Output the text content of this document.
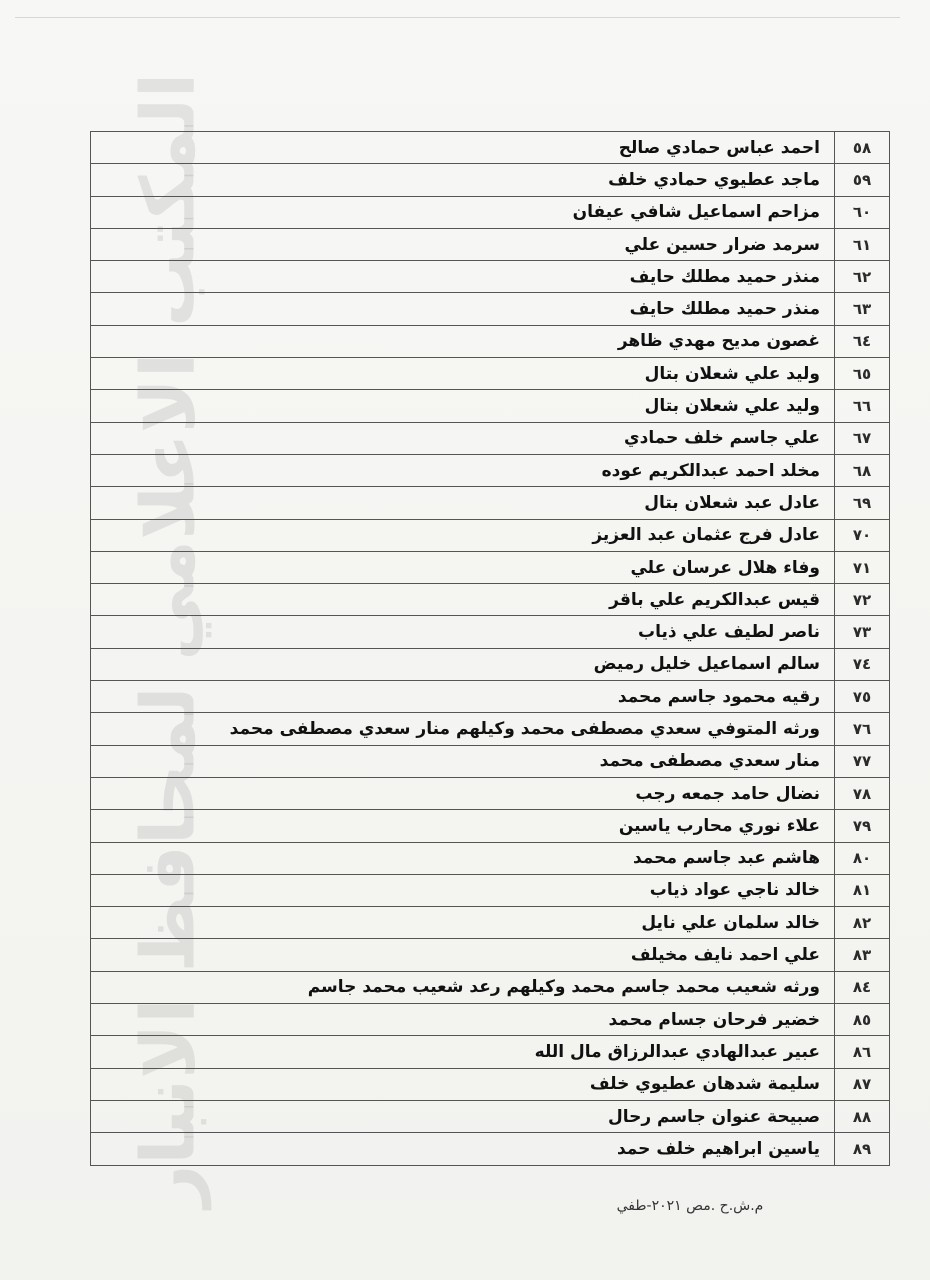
المكتب الاعلامي لمحافظ الانبار	٥٨	احمد عباس حمادي صالح
٥٩	ماجد عطيوي حمادي خلف
٦٠	مزاحم اسماعيل شافي عيفان
٦١	سرمد ضرار حسين علي
٦٢	منذر حميد مطلك حايف
٦٣	منذر حميد مطلك حايف
٦٤	غصون مديح مهدي ظاهر
٦٥	وليد علي شعلان بتال
٦٦	وليد علي شعلان بتال
٦٧	علي جاسم خلف حمادي
٦٨	مخلد احمد عبدالكريم عوده
٦٩	عادل عبد شعلان بتال
٧٠	عادل فرج عثمان عبد العزيز
٧١	وفاء هلال عرسان علي
٧٢	قيس عبدالكريم علي باقر
٧٣	ناصر لطيف علي ذياب
٧٤	سالم اسماعيل خليل رميض
٧٥	رقيه محمود جاسم محمد
٧٦	ورثه المتوفي سعدي مصطفى محمد وكيلهم منار سعدي مصطفى محمد
٧٧	منار سعدي مصطفى محمد
٧٨	نضال حامد جمعه رجب
٧٩	علاء نوري محارب ياسين
٨٠	هاشم عبد جاسم محمد
٨١	خالد ناجي عواد ذياب
٨٢	خالد سلمان علي نايل
٨٣	علي احمد نايف مخيلف
٨٤	ورثه شعيب محمد جاسم محمد وكيلهم رعد شعيب محمد جاسم
٨٥	خضير فرحان جسام محمد
٨٦	عبير عبدالهادي عبدالرزاق مال الله
٨٧	سليمة شدهان عطيوي خلف
٨٨	صبيحة عنوان جاسم رحال
٨٩	ياسين ابراهيم خلف حمد
م.ش.ح .مص ٢٠٢١-طفي
